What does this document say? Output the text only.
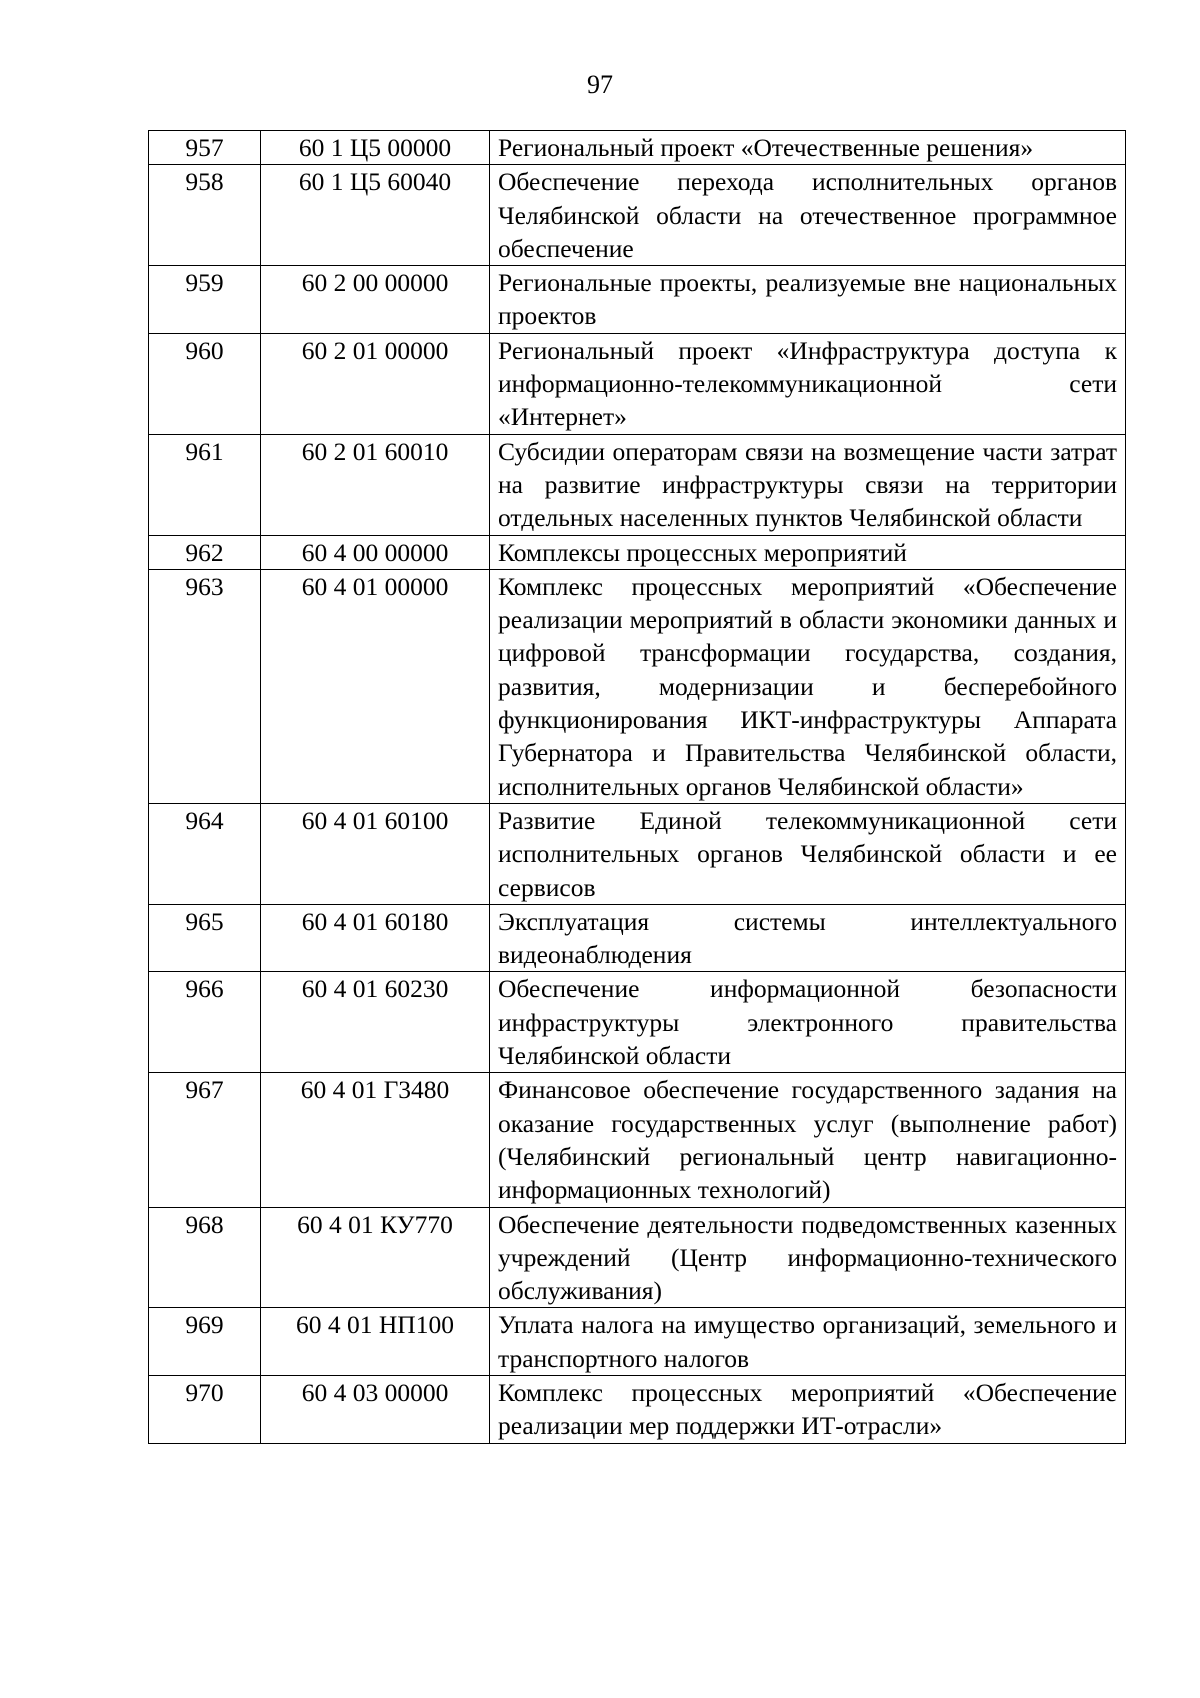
97
957	60 1 Ц5 00000	Региональный проект «Отечественные решения»
958	60 1 Ц5 60040	Обеспечение перехода исполнительных органов Челябинской области на отечественное программное обеспечение
959	60 2 00 00000	Региональные проекты, реализуемые вне национальных проектов
960	60 2 01 00000	Региональный проект «Инфраструктура доступа к информационно-телекоммуникационной сети «Интернет»
961	60 2 01 60010	Субсидии операторам связи на возмещение части затрат на развитие инфраструктуры связи на территории отдельных населенных пунктов Челябинской области
962	60 4 00 00000	Комплексы процессных мероприятий
963	60 4 01 00000	Комплекс процессных мероприятий «Обеспечение реализации мероприятий в области экономики данных и цифровой трансформации государства, создания, развития, модернизации и бесперебойного функционирования ИКТ-инфраструктуры Аппарата Губернатора и Правительства Челябинской области, исполнительных органов Челябинской области»
964	60 4 01 60100	Развитие Единой телекоммуникационной сети исполнительных органов Челябинской области и ее сервисов
965	60 4 01 60180	Эксплуатация системы интеллектуального видеонаблюдения
966	60 4 01 60230	Обеспечение информационной безопасности инфраструктуры электронного правительства Челябинской области
967	60 4 01 Г3480	Финансовое обеспечение государственного задания на оказание государственных услуг (выполнение работ) (Челябинский региональный центр навигационно-информационных технологий)
968	60 4 01 КУ770	Обеспечение деятельности подведомственных казенных учреждений (Центр информационно-технического обслуживания)
969	60 4 01 НП100	Уплата налога на имущество организаций, земельного и транспортного налогов
970	60 4 03 00000	Комплекс процессных мероприятий «Обеспечение реализации мер поддержки ИТ-отрасли»
